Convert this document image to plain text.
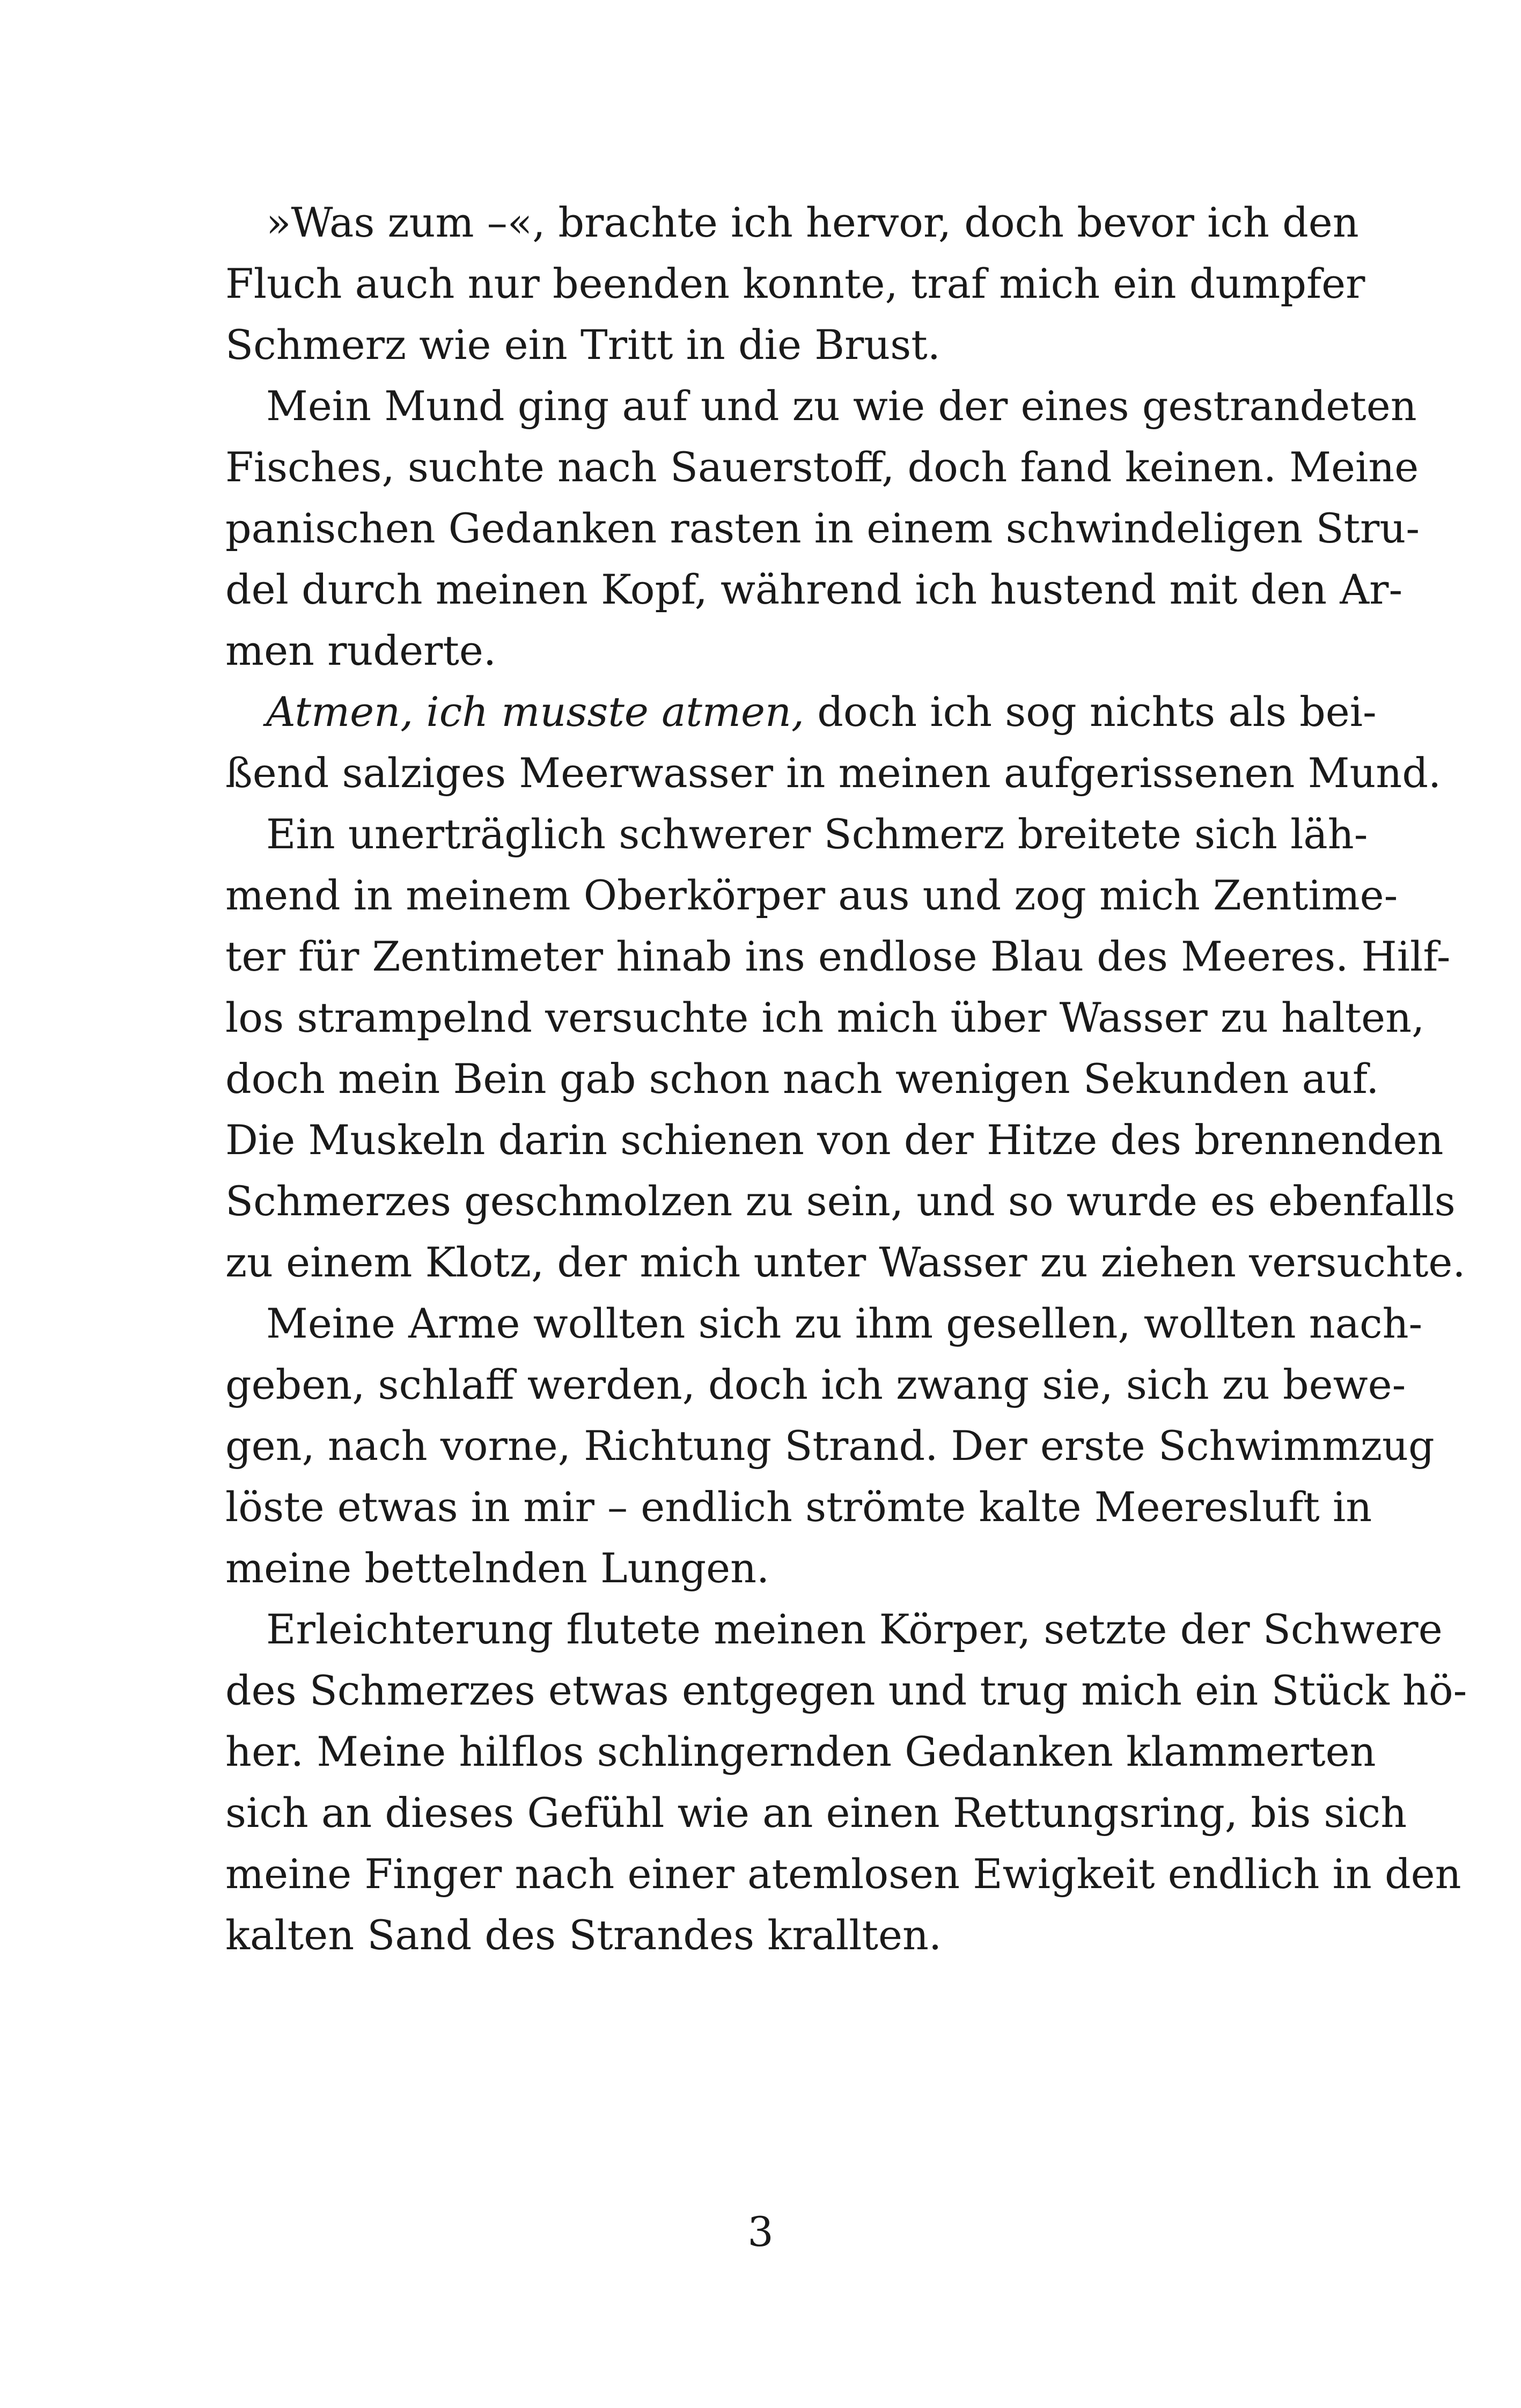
»Was zum –«, brachte ich hervor, doch bevor ich den
Fluch auch nur beenden konnte, traf mich ein dumpfer
Schmerz wie ein Tritt in die Brust.
Mein Mund ging auf und zu wie der eines gestrandeten
Fisches, suchte nach Sauerstoff, doch fand keinen. Meine
panischen Gedanken rasten in einem schwindeligen Stru-
del durch meinen Kopf, während ich hustend mit den Ar-
men ruderte.
Atmen, ich musste atmen, doch ich sog nichts als bei-
ßend salziges Meerwasser in meinen aufgerissenen Mund.
Ein unerträglich schwerer Schmerz breitete sich läh-
mend in meinem Oberkörper aus und zog mich Zentime-
ter für Zentimeter hinab ins endlose Blau des Meeres. Hilf-
los strampelnd versuchte ich mich über Wasser zu halten,
doch mein Bein gab schon nach wenigen Sekunden auf.
Die Muskeln darin schienen von der Hitze des brennenden
Schmerzes geschmolzen zu sein, und so wurde es ebenfalls
zu einem Klotz, der mich unter Wasser zu ziehen versuchte.
Meine Arme wollten sich zu ihm gesellen, wollten nach-
geben, schlaff werden, doch ich zwang sie, sich zu bewe-
gen, nach vorne, Richtung Strand. Der erste Schwimmzug
löste etwas in mir – endlich strömte kalte Meeresluft in
meine bettelnden Lungen.
Erleichterung flutete meinen Körper, setzte der Schwere
des Schmerzes etwas entgegen und trug mich ein Stück hö-
her. Meine hilflos schlingernden Gedanken klammerten
sich an dieses Gefühl wie an einen Rettungsring, bis sich
meine Finger nach einer atemlosen Ewigkeit endlich in den
kalten Sand des Strandes krallten.
3
